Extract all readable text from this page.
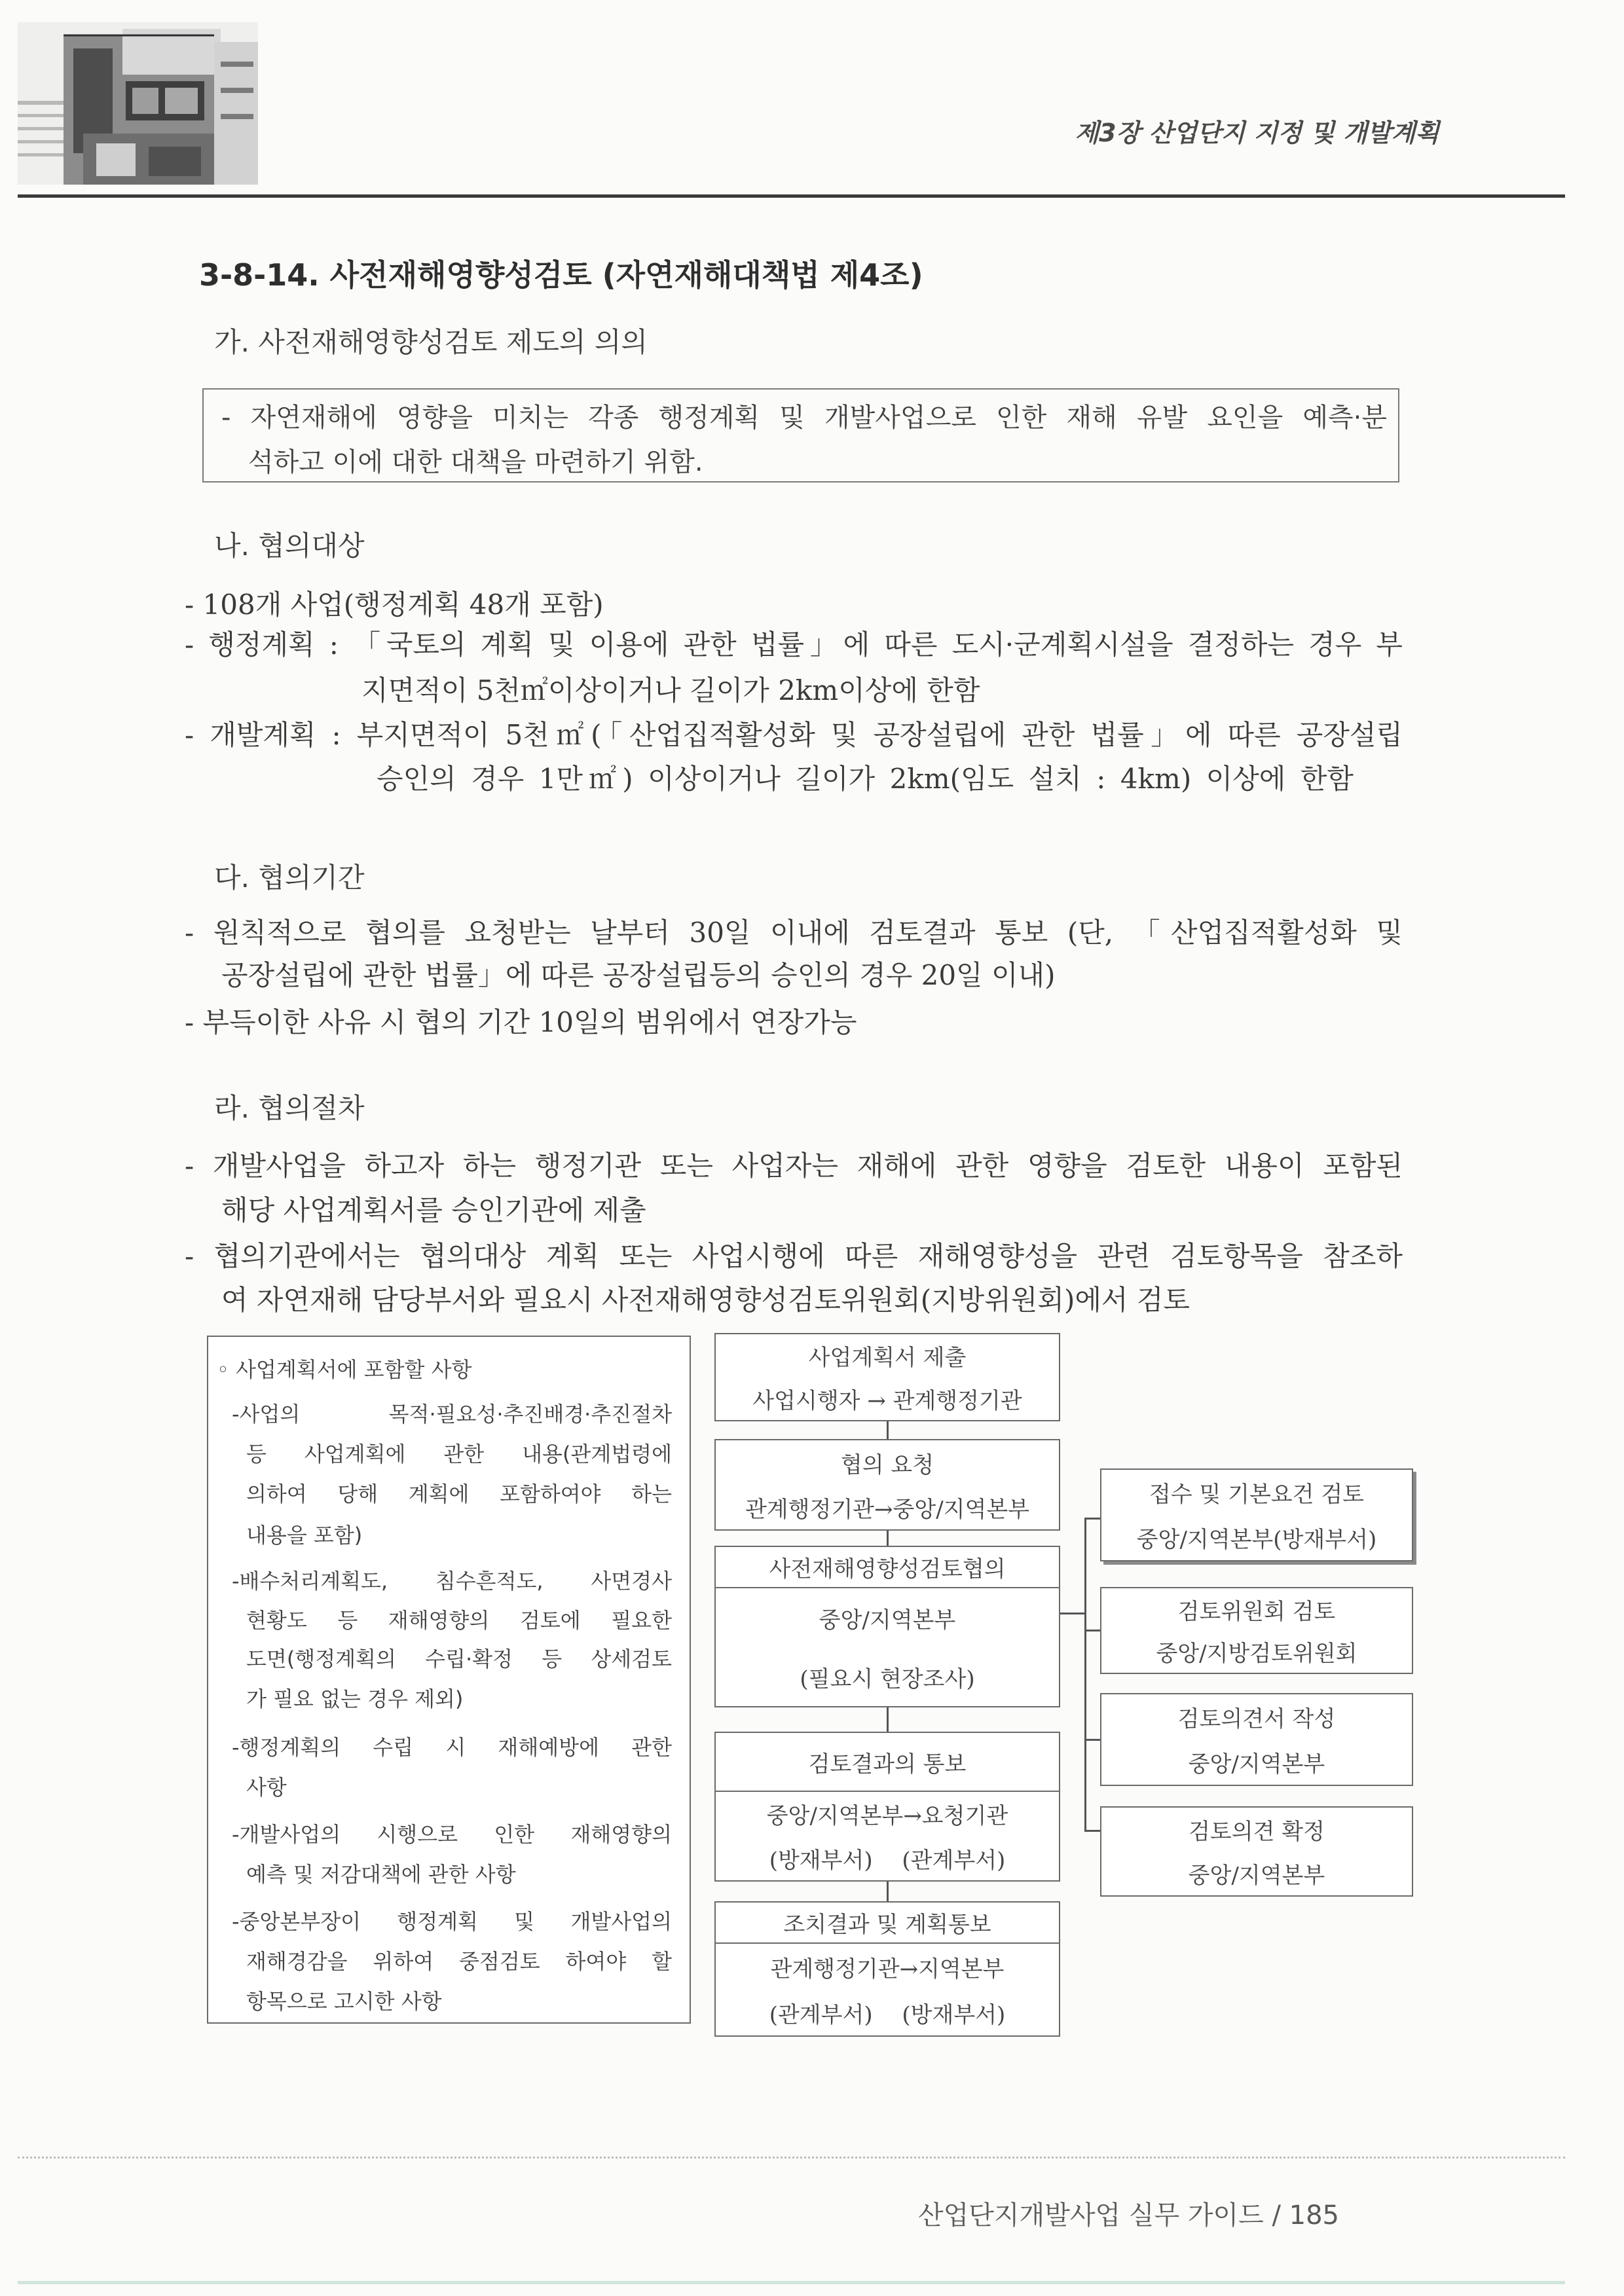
제3장 산업단지 지정 및 개발계획
3-8-14. 사전재해영향성검토 (자연재해대책법 제4조)
가. 사전재해영향성검토 제도의 의의
- 자연재해에 영향을 미치는 각종 행정계획 및 개발사업으로 인한 재해 유발 요인을 예측·분
석하고 이에 대한 대책을 마련하기 위함.
나. 협의대상
- 108개 사업(행정계획 48개 포함)
- 행정계획 : 「국토의 계획 및 이용에 관한 법률」에 따른 도시·군계획시설을 결정하는 경우 부
지면적이 5천㎡이상이거나 길이가 2km이상에 한함
- 개발계획 : 부지면적이 5천㎡(「산업집적활성화 및 공장설립에 관한 법률」에 따른 공장설립
승인의 경우 1만㎡) 이상이거나 길이가 2km(임도 설치 : 4km) 이상에 한함
다. 협의기간
- 원칙적으로 협의를 요청받는 날부터 30일 이내에 검토결과 통보 (단, 「산업집적활성화 및
공장설립에 관한 법률」에 따른 공장설립등의 승인의 경우 20일 이내)
- 부득이한 사유 시 협의 기간 10일의 범위에서 연장가능
라. 협의절차
- 개발사업을 하고자 하는 행정기관 또는 사업자는 재해에 관한 영향을 검토한 내용이 포함된
해당 사업계획서를 승인기관에 제출
- 협의기관에서는 협의대상 계획 또는 사업시행에 따른 재해영향성을 관련 검토항목을 참조하
여 자연재해 담당부서와 필요시 사전재해영향성검토위원회(지방위원회)에서 검토
◦ 사업계획서에 포함할 사항
-사업의 목적·필요성·추진배경·추진절차
등 사업계획에 관한 내용(관계법령에
의하여 당해 계획에 포함하여야 하는
내용을 포함)
-배수처리계획도, 침수흔적도, 사면경사
현황도 등 재해영향의 검토에 필요한
도면(행정계획의 수립·확정 등 상세검토
가 필요 없는 경우 제외)
-행정계획의 수립 시 재해예방에 관한
사항
-개발사업의 시행으로 인한 재해영향의
예측 및 저감대책에 관한 사항
-중앙본부장이 행정계획 및 개발사업의
재해경감을 위하여 중점검토 하여야 할
항목으로 고시한 사항
사업계획서 제출
사업시행자 → 관계행정기관
협의 요청
관계행정기관→중앙/지역본부
사전재해영향성검토협의
중앙/지역본부
(필요시 현장조사)
검토결과의 통보
중앙/지역본부→요청기관
(방재부서) (관계부서)
조치결과 및 계획통보
관계행정기관→지역본부
(관계부서) (방재부서)
접수 및 기본요건 검토
중앙/지역본부(방재부서)
검토위원회 검토
중앙/지방검토위원회
검토의견서 작성
중앙/지역본부
검토의견 확정
중앙/지역본부
산업단지개발사업 실무 가이드 / 185
